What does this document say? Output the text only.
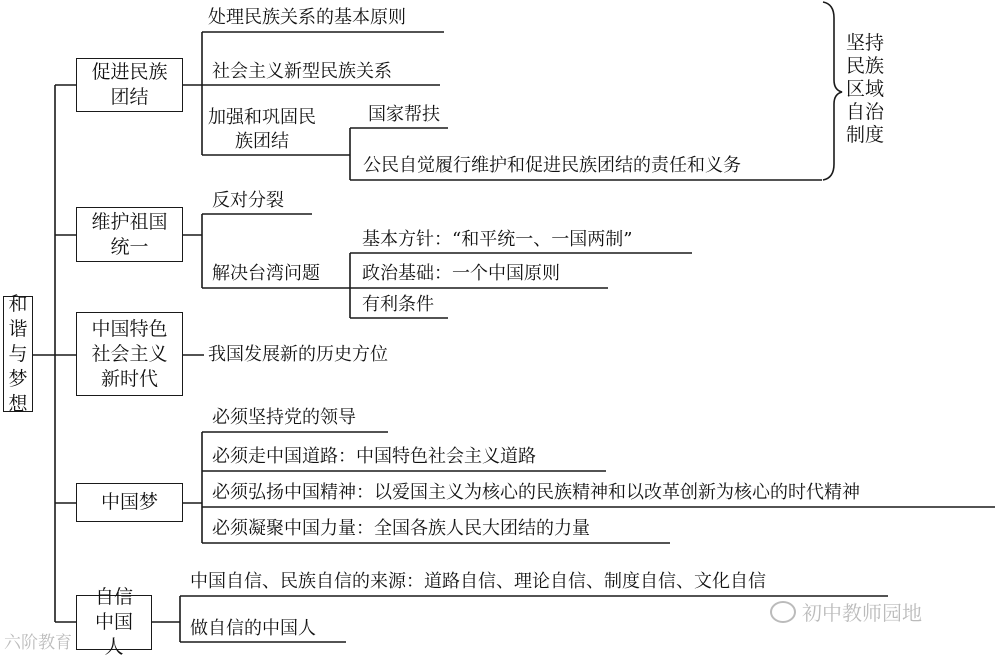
和谐与梦想
促进民族团结
维护祖国统一
中国特色社会主义新时代
中国梦
自信中国人
处理民族关系的基本原则
社会主义新型民族关系
加强和巩固民族团结
国家帮扶
公民自觉履行维护和促进民族团结的责任和义务
坚持民族区域自治制度
反对分裂
解决台湾问题
基本方针：“和平统一、一国两制”
政治基础：一个中国原则
有利条件
我国发展新的历史方位
必须坚持党的领导
必须走中国道路：中国特色社会主义道路
必须弘扬中国精神：以爱国主义为核心的民族精神和以改革创新为核心的时代精神
必须凝聚中国力量：全国各族人民大团结的力量
中国自信、民族自信的来源：道路自信、理论自信、制度自信、文化自信
做自信的中国人
初中教师园地
六阶教育
